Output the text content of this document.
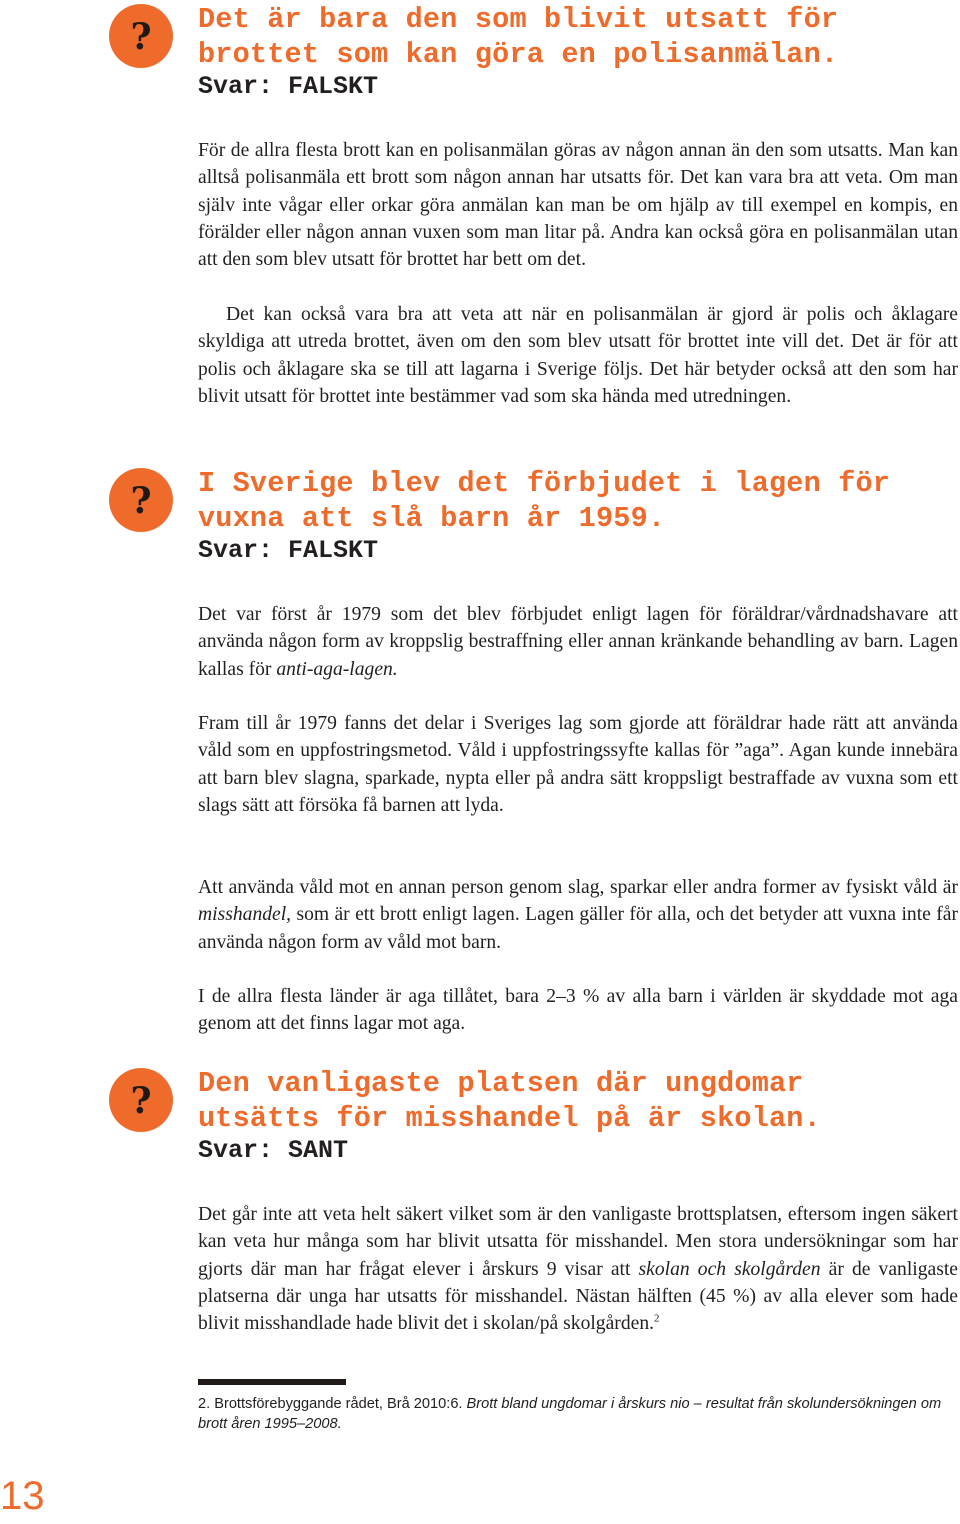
? Det är bara den som blivit utsatt för brottet som kan göra en polisanmälan.
Svar: FALSKT

För de allra flesta brott kan en polisanmälan göras av någon annan än den som utsatts. Man kan alltså polisanmäla ett brott som någon annan har utsatts för. Det kan vara bra att veta. Om man själv inte vågar eller orkar göra anmälan kan man be om hjälp av till exempel en kompis, en förälder eller någon annan vuxen som man litar på. Andra kan också göra en polisanmälan utan att den som blev utsatt för brottet har bett om det.

Det kan också vara bra att veta att när en polisanmälan är gjord är polis och åklagare skyldiga att utreda brottet, även om den som blev utsatt för brottet inte vill det. Det är för att polis och åklagare ska se till att lagarna i Sverige följs. Det här betyder också att den som har blivit utsatt för brottet inte bestämmer vad som ska hända med utredningen.

? I Sverige blev det förbjudet i lagen för vuxna att slå barn år 1959.
Svar: FALSKT

Det var först år 1979 som det blev förbjudet enligt lagen för föräldrar/vårdnadshavare att använda någon form av kroppslig bestraffning eller annan kränkande behandling av barn. Lagen kallas för anti-aga-lagen.

Fram till år 1979 fanns det delar i Sveriges lag som gjorde att föräldrar hade rätt att använda våld som en uppfostringsmetod. Våld i uppfostringssyfte kallas för ”aga”. Agan kunde innebära att barn blev slagna, sparkade, nypta eller på andra sätt kroppsligt bestraffade av vuxna som ett slags sätt att försöka få barnen att lyda.

Att använda våld mot en annan person genom slag, sparkar eller andra former av fysiskt våld är misshandel, som är ett brott enligt lagen. Lagen gäller för alla, och det betyder att vuxna inte får använda någon form av våld mot barn.

I de allra flesta länder är aga tillåtet, bara 2–3 % av alla barn i världen är skyddade mot aga genom att det finns lagar mot aga.

? Den vanligaste platsen där ungdomar utsätts för misshandel på är skolan.
Svar: SANT

Det går inte att veta helt säkert vilket som är den vanligaste brottsplatsen, eftersom ingen säkert kan veta hur många som har blivit utsatta för misshandel. Men stora undersökningar som har gjorts där man har frågat elever i årskurs 9 visar att skolan och skolgården är de vanligaste platserna där unga har utsatts för misshandel. Nästan hälften (45 %) av alla elever som hade blivit misshandlade hade blivit det i skolan/på skolgården.$^2$

2. Brottsförebyggande rådet, Brå 2010:6. Brott bland ungdomar i årskurs nio – resultat från skolundersökningen om brott åren 1995–2008.

13
